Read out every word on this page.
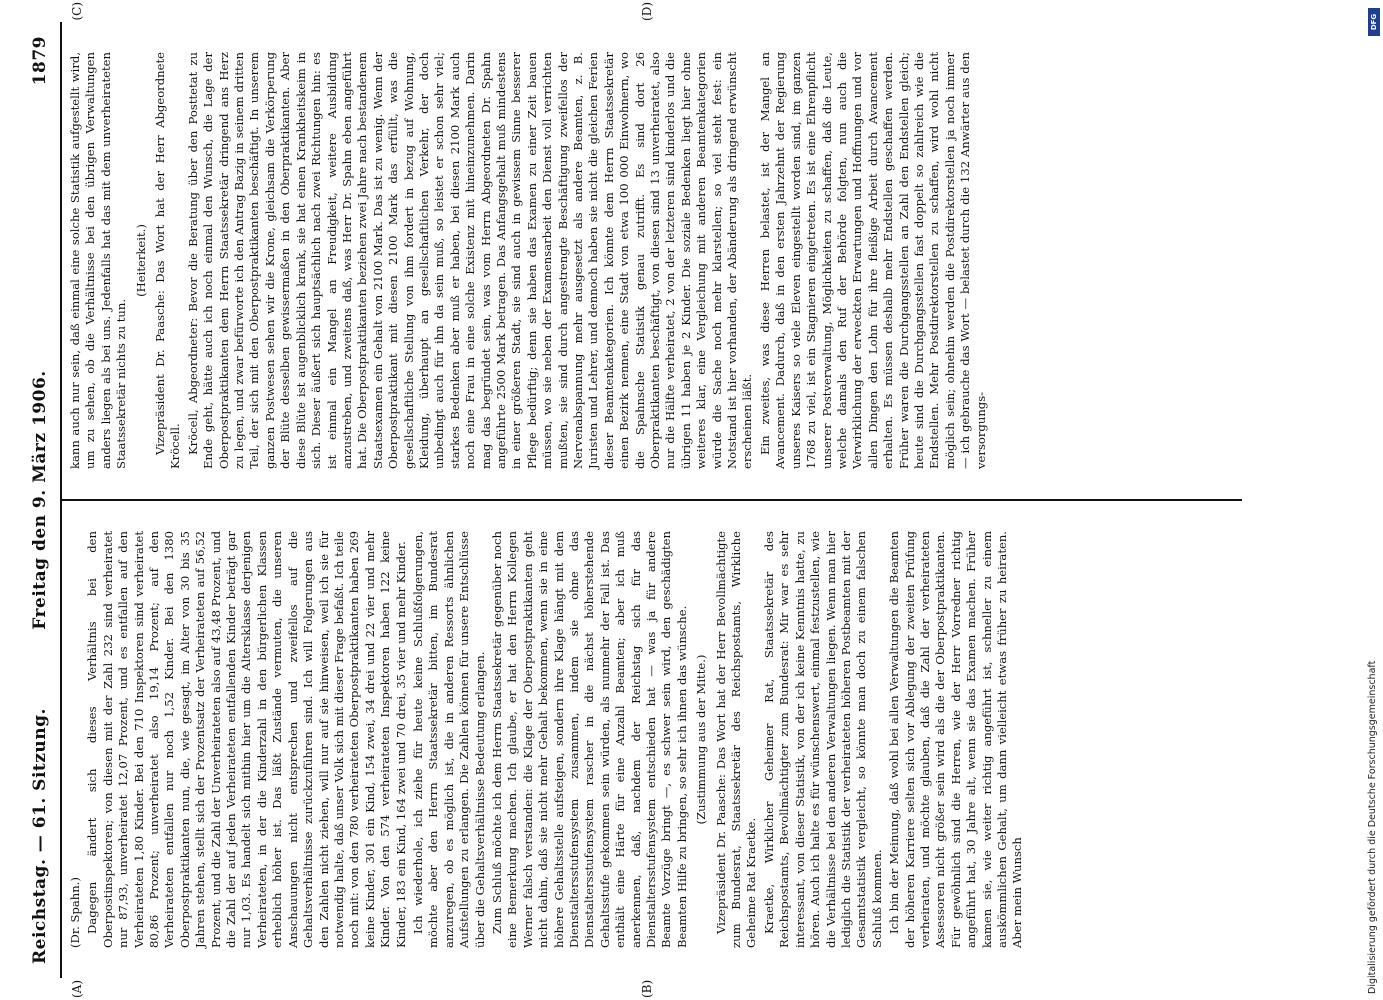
Reichstag. — 61. Sitzung.
Freitag den 9. März 1906.
1879

(Dr. Spahn.) Dagegen ändert sich dieses Verhältnis bei den Oberpostinspektoren; von diesen mit der Zahl 232 sind verheiratet nur 87,93, unverheiratet 12,07 Prozent, und es entfallen auf den Verheirateten 1,80 Kinder. Bei den 710 Inspektoren sind verheiratet 80,86 Prozent; unverheiratet also 19,14 Prozent; auf den Verheirateten entfallen nur noch 1,52 Kinder. Bei den 1380 Oberpostpraktikanten nun, die, wie gesagt, im Alter von 30 bis 35 Jahren stehen, stellt sich der Prozentsatz der Verheirateten auf 56,52 Prozent, und die Zahl der Unverheirateten also auf 43,48 Prozent, und die Zahl der auf jeden Verheirateten entfallenden Kinder beträgt gar nur 1,03. Es handelt sich mithin hier um die Altersklasse derjenigen Verheirateten, in der die Kinderzahl in den bürgerlichen Klassen erheblich höher ist. Das läßt Zustände vermuten, die unseren Anschauungen nicht entsprechen und zweifellos auf die Gehaltsverhältnisse zurückzuführen sind. Ich will Folgerungen aus den Zahlen nicht ziehen, will nur auf sie hinweisen, weil ich sie für notwendig halte, daß unser Volk sich mit dieser Frage befaßt. Ich teile noch mit: von den 780 verheirateten Oberpostpraktikanten haben 269 keine Kinder, 301 ein Kind, 154 zwei, 34 drei und 22 vier und mehr Kinder. Von den 574 verheirateten Inspektoren haben 122 keine Kinder, 183 ein Kind, 164 zwei und 70 drei, 35 vier und mehr Kinder. Ich wiederhole, ich ziehe für heute keine Schlußfolgerungen, möchte aber den Herrn Staatssekretär bitten, im Bundesrat anzuregen, ob es möglich ist, die in anderen Ressorts ähnlichen Aufstellungen zu erlangen. Die Zahlen können für unsere Entschlüsse über die Gehaltsverhältnisse Bedeutung erlangen. Zum Schluß möchte ich dem Herrn Staatssekretär gegenüber noch eine Bemerkung machen. Ich glaube, er hat den Herrn Kollegen Werner falsch verstanden: die Klage der Oberpostpraktikanten geht nicht dahin, daß sie nicht mehr Gehalt bekommen, wenn sie in eine höhere Gehaltsstelle aufsteigen, sondern ihre Klage hängt mit dem Dienstaltersstufensystem zusammen, indem sie ohne das Dienstaltersstufensystem rascher in die nächst höherstehende Gehaltsstufe gekommen sein würden, als nunmehr der Fall ist. Das enthält eine Härte für eine Anzahl Beamten; aber ich muß anerkennen, daß, nachdem der Reichstag sich für das Dienstaltersstufensystem entschieden hat — was ja für andere Beamte Vorzüge bringt —, es schwer sein wird, den geschädigten Beamten Hilfe zu bringen, so sehr ich ihnen das wünsche. (Zustimmung aus der Mitte.) Vizepräsident Dr. Paasche: Das Wort hat der Herr Bevollmächtigte zum Bundesrat, Staatssekretär des Reichspostamts, Wirkliche Geheime Rat Kraetke. Kraetke, Wirklicher Geheimer Rat, Staatssekretär des Reichspostamts, Bevollmächtigter zum Bundesrat: Mir war es sehr interessant, von dieser Statistik, von der ich keine Kenntnis hatte, zu hören. Auch ich halte es für wünschenswert, einmal festzustellen, wie die Verhältnisse bei den anderen Verwaltungen liegen. Wenn man hier lediglich die Statistik der verheirateten höheren Postbeamten mit der Gesamtstatistik vergleicht, so könnte man doch zu einem falschen Schluß kommen. Ich bin der Meinung, daß wohl bei allen Verwaltungen die Beamten der höheren Karriere selten sich vor Ablegung der zweiten Prüfung verheiraten, und möchte glauben, daß die Zahl der verheirateten Assessoren nicht größer sein wird als die der Oberpostpraktikanten. Für gewöhnlich sind die Herren, wie der Herr Vorredner richtig angeführt hat, 30 Jahre alt, wenn sie das Examen machen. Früher kamen sie, wie weiter richtig angeführt ist, schneller zu einem auskömmlichen Gehalt, um dann vielleicht etwas früher zu heiraten. Aber mein Wunsch

kann auch nur sein, daß einmal eine solche Statistik aufgestellt wird, um zu sehen, ob die Verhältnisse bei den übrigen Verwaltungen anders liegen als bei uns. Jedenfalls hat das mit dem unverheirateten Staatssekretär nichts zu tun.

(Heiterkeit.) Vizepräsident Dr. Paasche: Das Wort hat der Herr Abgeordnete Kröcell. Kröcell, Abgeordneter: Bevor die Beratung über den Posttetat zu Ende geht, hätte auch ich noch einmal den Wunsch, die Lage der Oberpostpraktikanten dem Herrn Staatssekretär dringend ans Herz zu legen, und zwar befürworte ich den Antrag Bazig in seinem dritten Teil, der sich mit den Oberpostpraktikanten beschäftigt. In unserem ganzen Postwesen sehen wir die Krone, gleichsam die Verkörperung der Blüte desselben gewissermaßen in den Oberpraktikanten. Aber diese Blüte ist augenblicklich krank, sie hat einen Krankheitskeim in sich. Dieser äußert sich hauptsächlich nach zwei Richtungen hin: es ist einmal ein Mangel an Freudigkeit, weitere Ausbildung anzustreben, und zweitens daß, was Herr Dr. Spahn eben angeführt hat. Die Oberpostpraktikanten beziehen zwei Jahre nach bestandenem Staatsexamen ein Gehalt von 2100 Mark. Das ist zu wenig. Wenn der Oberpostpraktikant mit diesen 2100 Mark das erfüllt, was die gesellschaftliche Stellung von ihm fordert in bezug auf Wohnung, Kleidung, überhaupt an gesellschaftlichen Verkehr, der doch unbedingt auch für ihn da sein muß, so leistet er schon sehr viel; starkes Bedenken aber muß er haben, bei diesen 2100 Mark auch noch eine Frau in eine solche Existenz mit hineinzunehmen. Darin mag das begründet sein, was vom Herrn Abgeordneten Dr. Spahn angeführte 2500 Mark betragen. Das Anfangsgehalt muß mindestens in einer größeren Stadt, sie sind auch in gewissem Sinne besserer Pflege bedürftig; denn sie haben das Examen zu einer Zeit bauen müssen, wo sie neben der Examensarbeit den Dienst voll verrichten mußten, sie sind durch angestrengte Beschäftigung zweifellos der Nervenabspannung mehr ausgesetzt als andere Beamten, z. B. Juristen und Lehrer, und dennoch haben sie nicht die gleichen Ferien dieser Beamtenkategorien. Ich könnte dem Herrn Staatssekretär einen Bezirk nennen, eine Stadt von etwa 100 000 Einwohnern, wo die Spahnsche Statistik genau zutrifft. Es sind dort 26 Oberpraktikanten beschäftigt, von diesen sind 13 unverheiratet, also nur die Hälfte verheiratet, 2 von der letzteren sind kinderlos und die übrigen 11 haben je 2 Kinder. Die soziale Bedenken liegt hier ohne weiteres klar, eine Vergleichung mit anderen Beamtenkategorien würde die Sache noch mehr klarstellen; so viel steht fest: ein Notstand ist hier vorhanden, der Abänderung als dringend erwünscht erscheinen läßt. Ein zweites, was diese Herren belastet, ist der Mangel an Avancement. Dadurch, daß in den ersten Jahrzehnt der Regierung unseres Kaisers so viele Eleven eingestellt worden sind, im ganzen 1768 zu viel, ist ein Stagnieren eingetreten. Es ist eine Ehrenpflicht unserer Postverwaltung, Möglichkeiten zu schaffen, daß die Leute, welche damals den Ruf der Behörde folgten, nun auch die Verwirklichung der erweckten Erwartungen und Hoffnungen und vor allen Dingen den Lohn für ihre fleißige Arbeit durch Avancement erhalten. Es müssen deshalb mehr Endstellen geschaffen werden. Früher waren die Durchgangsstellen an Zahl den Endstellen gleich; heute sind die Durchgangsstellen fast doppelt so zahlreich wie die Endstellen. Mehr Postdirektorstellen zu schaffen, wird wohl nicht möglich sein; ohnehin werden die Postdirektorstellen ja noch immer — ich gebrauche das Wort — belastet durch die 132 Anwärter aus den versorgungs-

(A)	(B)
(C)	(D)
Digitalisierung gefördert durch die Deutsche Forschungsgemeinschaft
DFG
